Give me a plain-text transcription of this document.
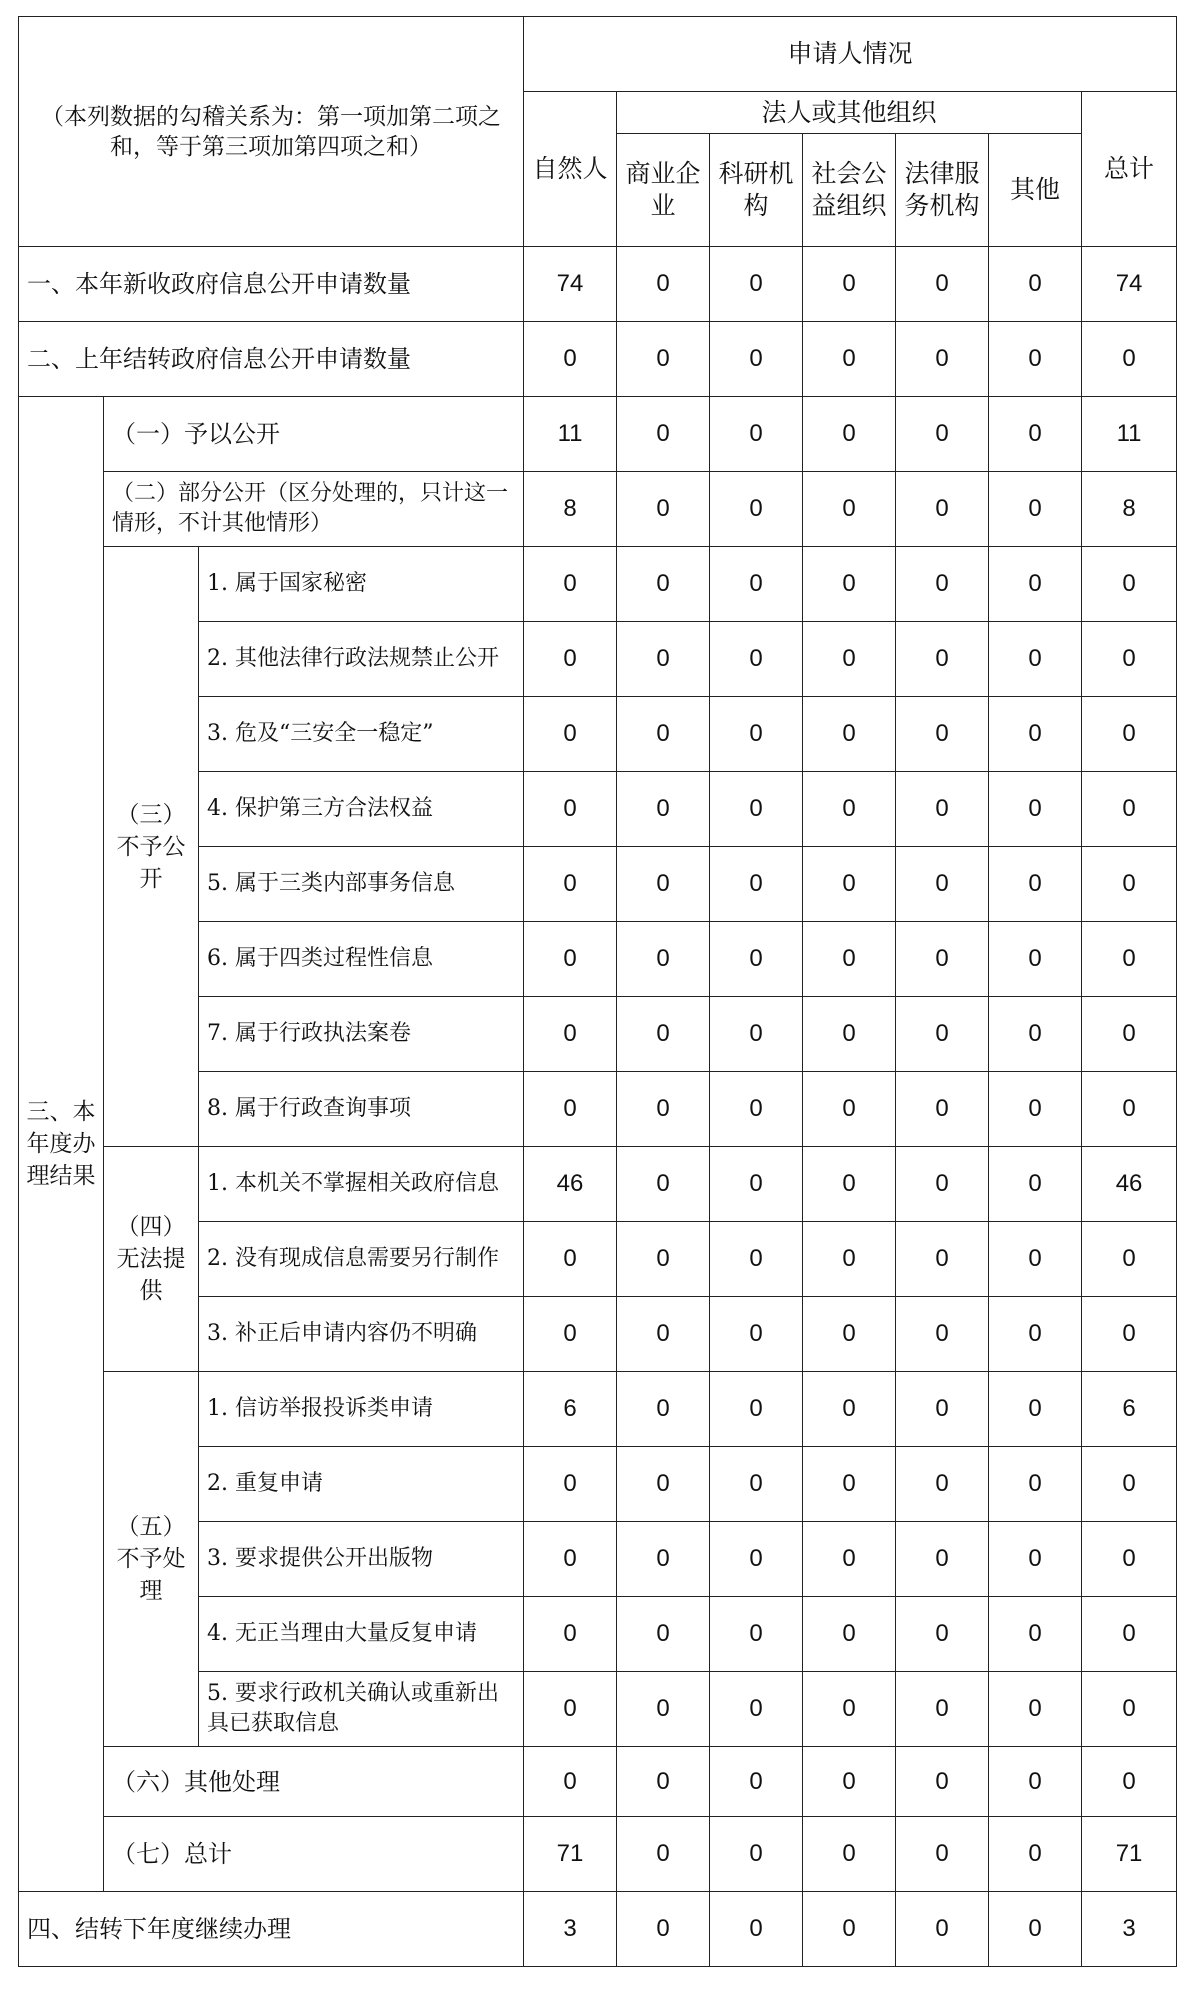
（本列数据的勾稽关系为：第一项加第二项之和，等于第三项加第四项之和）			申请人情况						
			自然人	法人或其他组织					总计
				商业企业	科研机构	社会公益组织	法律服务机构	其他	
一、本年新收政府信息公开申请数量			74	0	0	0	0	0	74
二、上年结转政府信息公开申请数量			0	0	0	0	0	0	0
三、本年度办理结果	（一）予以公开		11	0	0	0	0	0	11
	（二）部分公开（区分处理的，只计这一情形，不计其他情形）		8	0	0	0	0	0	8
	（三）不予公开	1. 属于国家秘密	0	0	0	0	0	0	0
		2. 其他法律行政法规禁止公开	0	0	0	0	0	0	0
		3. 危及“三安全一稳定”	0	0	0	0	0	0	0
		4. 保护第三方合法权益	0	0	0	0	0	0	0
		5. 属于三类内部事务信息	0	0	0	0	0	0	0
		6. 属于四类过程性信息	0	0	0	0	0	0	0
		7. 属于行政执法案卷	0	0	0	0	0	0	0
		8. 属于行政查询事项	0	0	0	0	0	0	0
	（四）无法提供	1. 本机关不掌握相关政府信息	46	0	0	0	0	0	46
		2. 没有现成信息需要另行制作	0	0	0	0	0	0	0
		3. 补正后申请内容仍不明确	0	0	0	0	0	0	0
	（五）不予处理	1. 信访举报投诉类申请	6	0	0	0	0	0	6
		2. 重复申请	0	0	0	0	0	0	0
		3. 要求提供公开出版物	0	0	0	0	0	0	0
		4. 无正当理由大量反复申请	0	0	0	0	0	0	0
		5. 要求行政机关确认或重新出具已获取信息	0	0	0	0	0	0	0
	（六）其他处理		0	0	0	0	0	0	0
	（七）总计		71	0	0	0	0	0	71
四、结转下年度继续办理			3	0	0	0	0	0	3
